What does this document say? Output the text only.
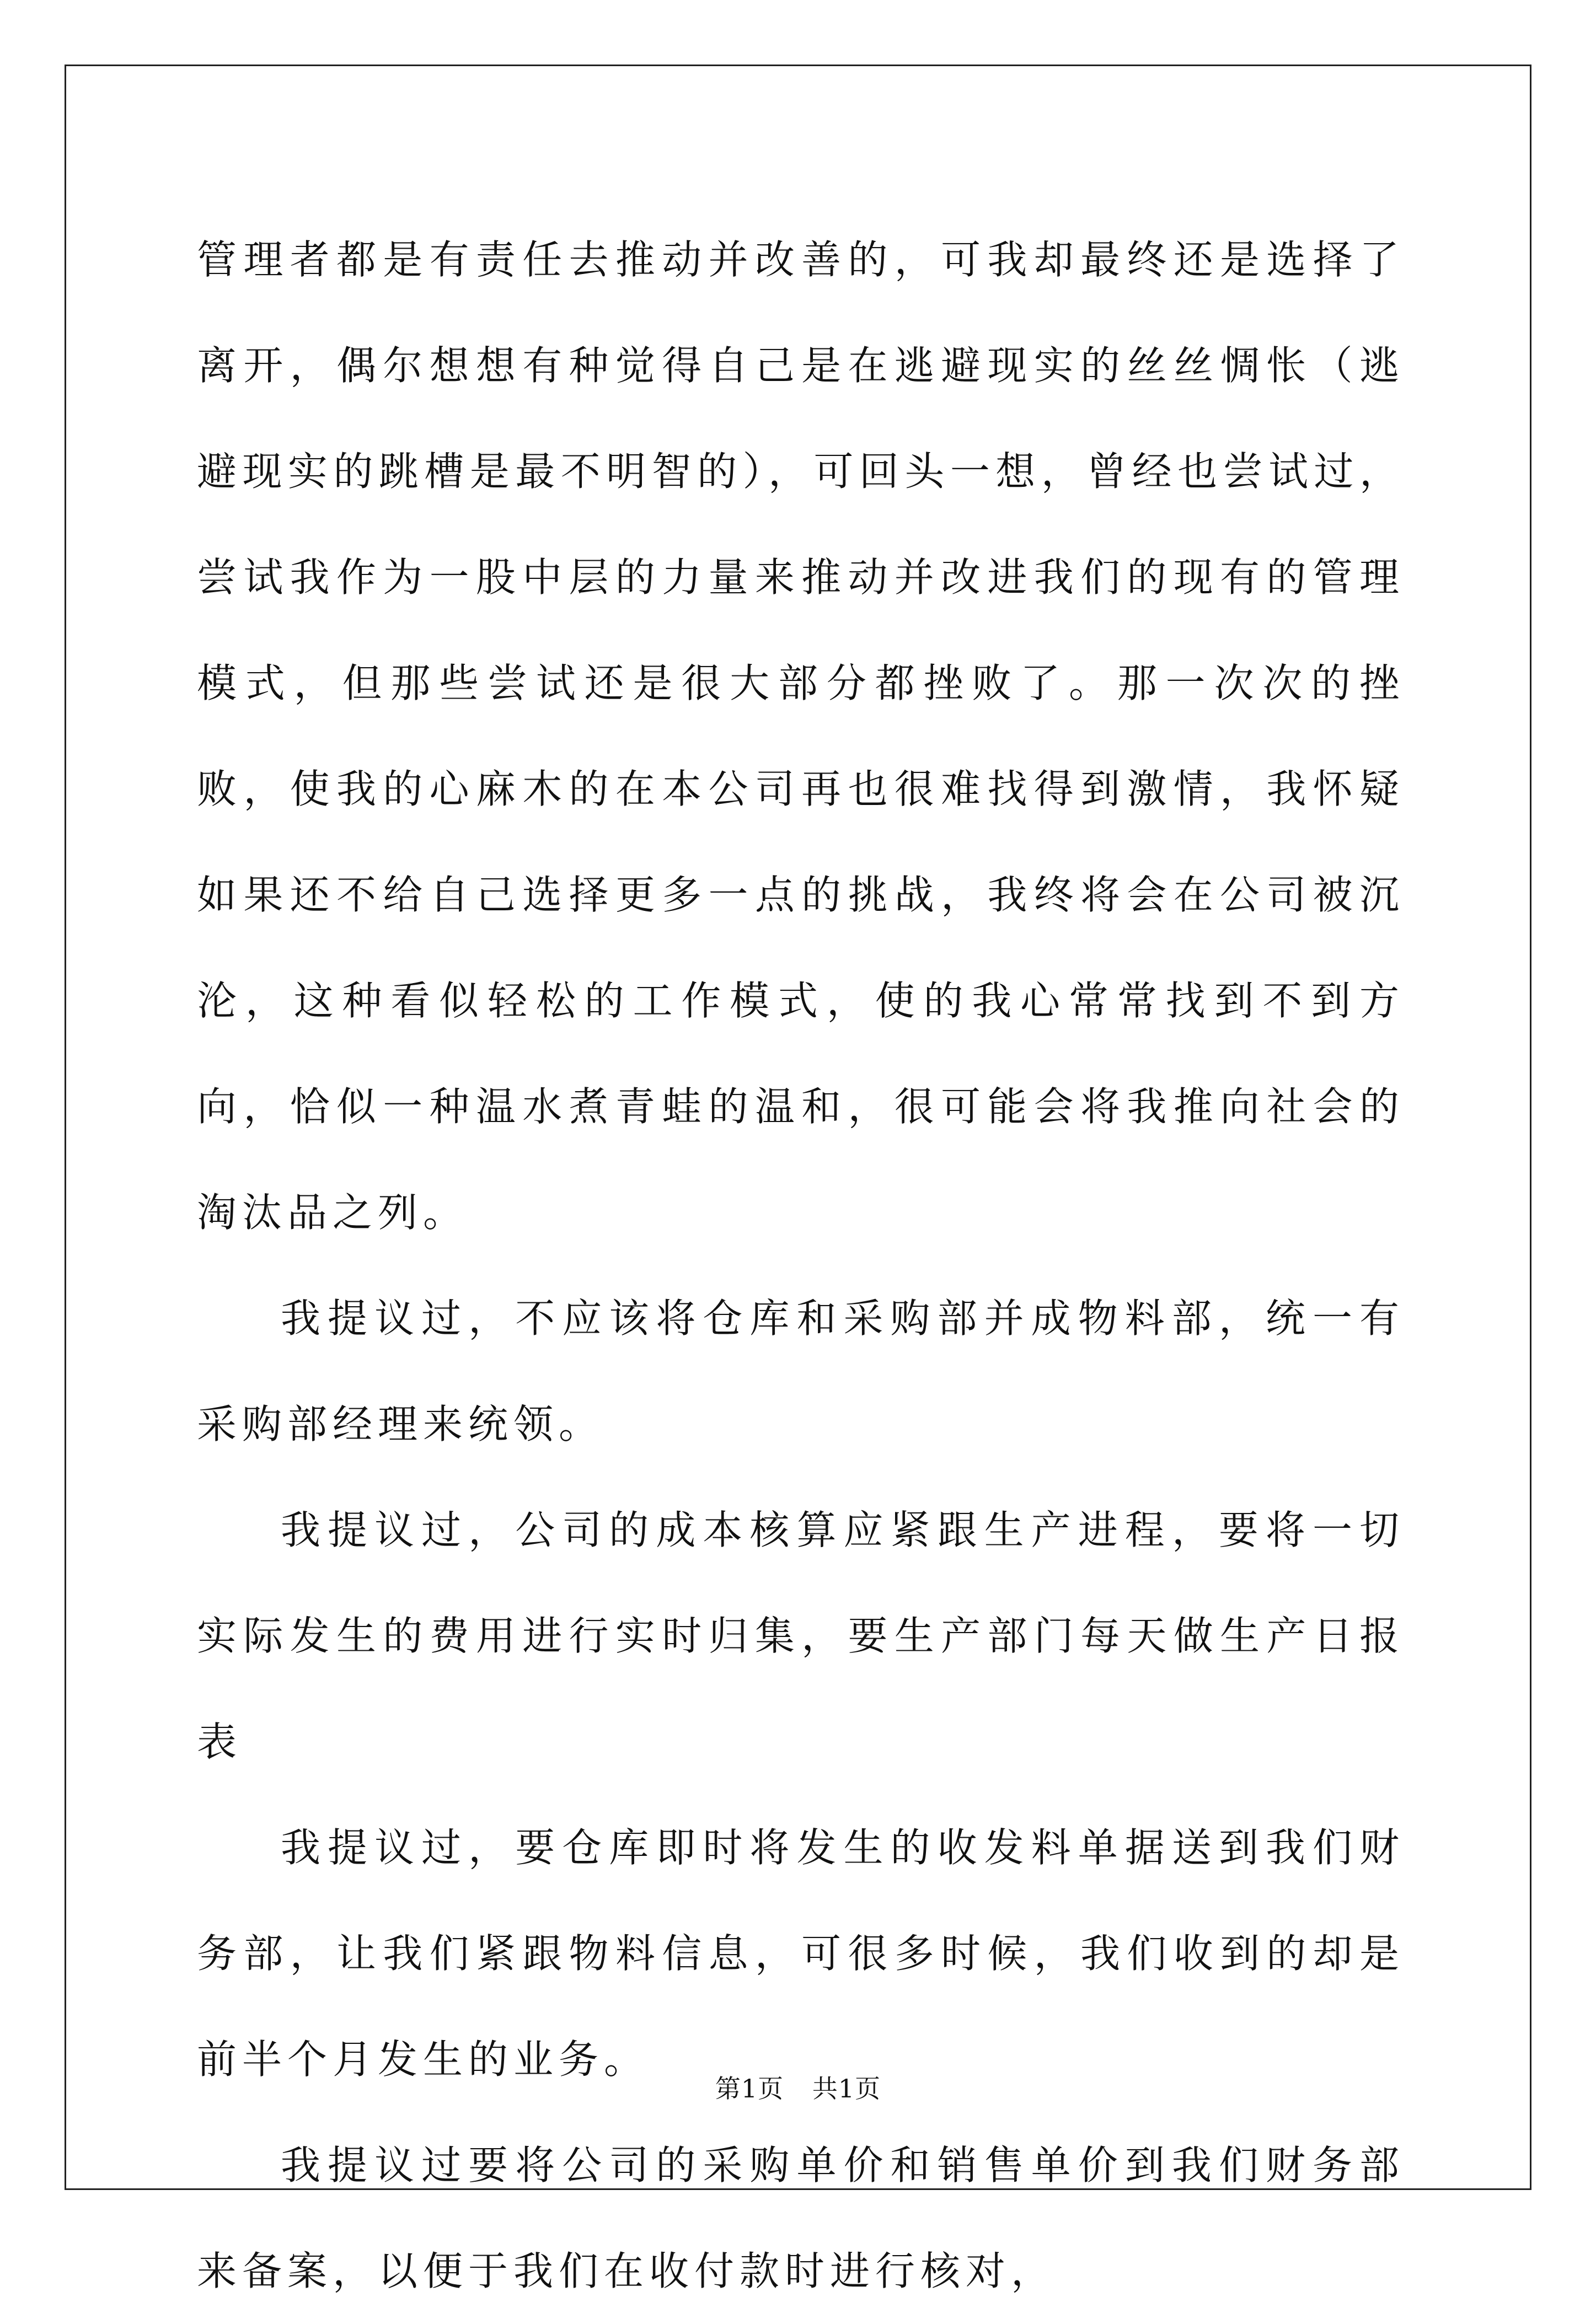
管理者都是有责任去推动并改善的，可我却最终还是选择了离开，偶尔想想有种觉得自己是在逃避现实的丝丝惆怅（逃避现实的跳槽是最不明智的），可回头一想，曾经也尝试过，尝试我作为一股中层的力量来推动并改进我们的现有的管理模式，但那些尝试还是很大部分都挫败了。那一次次的挫败，使我的心麻木的在本公司再也很难找得到激情，我怀疑如果还不给自己选择更多一点的挑战，我终将会在公司被沉沦，这种看似轻松的工作模式，使的我心常常找到不到方向，恰似一种温水煮青蛙的温和，很可能会将我推向社会的淘汰品之列。

我提议过，不应该将仓库和采购部并成物料部，统一有采购部经理来统领。

我提议过，公司的成本核算应紧跟生产进程，要将一切实际发生的费用进行实时归集，要生产部门每天做生产日报表

我提议过，要仓库即时将发生的收发料单据送到我们财务部，让我们紧跟物料信息，可很多时候，我们收到的却是前半个月发生的业务。

我提议过要将公司的采购单价和销售单价到我们财务部来备案，以便于我们在收付款时进行核对，

第1页 共1页
